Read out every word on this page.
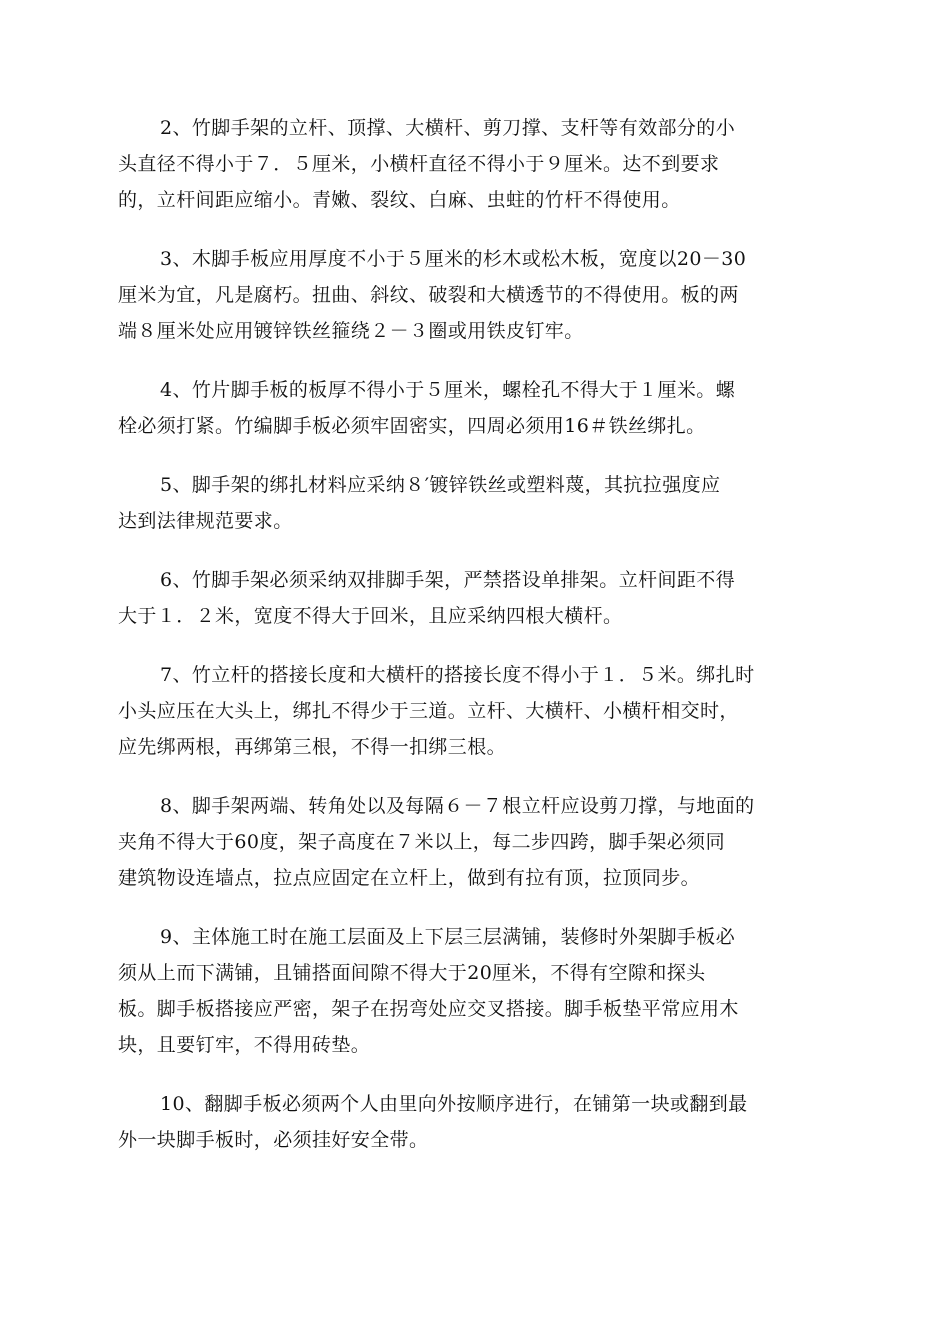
2、竹脚手架的立杆、顶撑、大横杆、剪刀撑、支杆等有效部分的小
头直径不得小于７．５厘米，小横杆直径不得小于９厘米。达不到要求
的，立杆间距应缩小。青嫩、裂纹、白麻、虫蛀的竹杆不得使用。

3、木脚手板应用厚度不小于５厘米的杉木或松木板，宽度以20－30
厘米为宜，凡是腐朽。扭曲、斜纹、破裂和大横透节的不得使用。板的两
端８厘米处应用镀锌铁丝箍绕２－３圈或用铁皮钉牢。

4、竹片脚手板的板厚不得小于５厘米，螺栓孔不得大于１厘米。螺
栓必须打紧。竹编脚手板必须牢固密实，四周必须用16＃铁丝绑扎。

5、脚手架的绑扎材料应采纳８′镀锌铁丝或塑料蔑，其抗拉强度应
达到法律规范要求。

6、竹脚手架必须采纳双排脚手架，严禁搭设单排架。立杆间距不得
大于１．２米，宽度不得大于回米，且应采纳四根大横杆。

7、竹立杆的搭接长度和大横杆的搭接长度不得小于１．５米。绑扎时
小头应压在大头上，绑扎不得少于三道。立杆、大横杆、小横杆相交时，
应先绑两根，再绑第三根，不得一扣绑三根。

8、脚手架两端、转角处以及每隔６－７根立杆应设剪刀撑，与地面的
夹角不得大于60度，架子高度在７米以上，每二步四跨，脚手架必须同
建筑物设连墙点，拉点应固定在立杆上，做到有拉有顶，拉顶同步。

9、主体施工时在施工层面及上下层三层满铺，装修时外架脚手板必
须从上而下满铺，且铺搭面间隙不得大于20厘米，不得有空隙和探头
板。脚手板搭接应严密，架子在拐弯处应交叉搭接。脚手板垫平常应用木
块，且要钉牢，不得用砖垫。

10、翻脚手板必须两个人由里向外按顺序进行，在铺第一块或翻到最
外一块脚手板时，必须挂好安全带。
